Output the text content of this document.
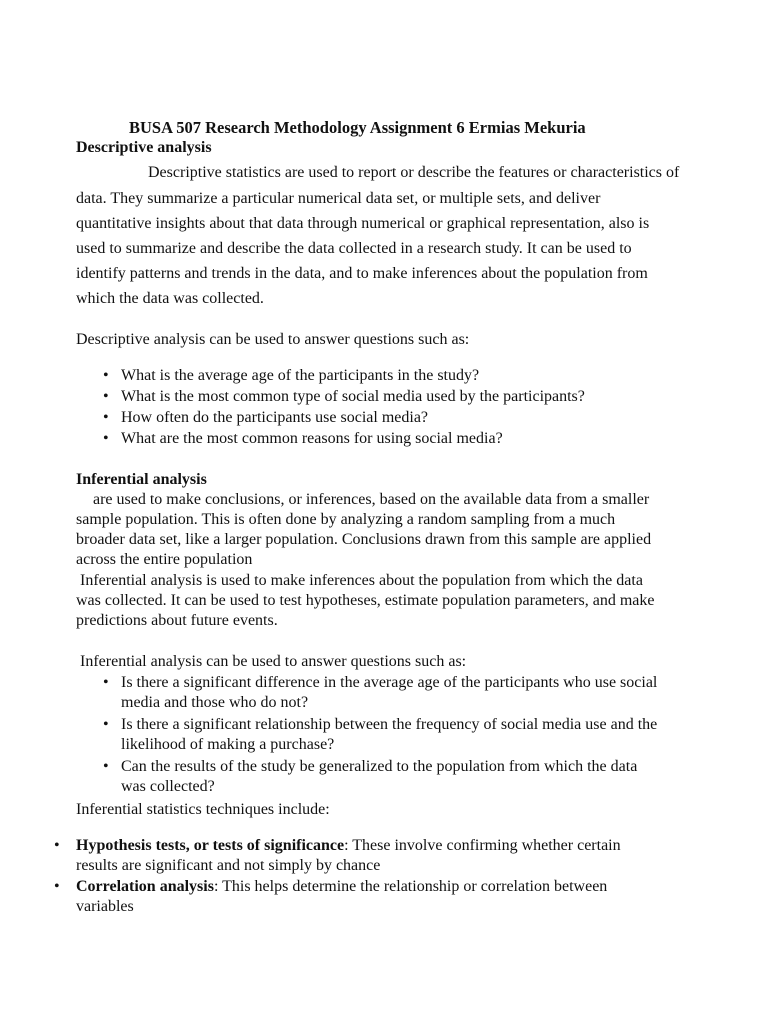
BUSA 507 Research Methodology Assignment 6 Ermias Mekuria
Descriptive analysis
Descriptive statistics are used to report or describe the features or characteristics of
data. They summarize a particular numerical data set, or multiple sets, and deliver
quantitative insights about that data through numerical or graphical representation, also is
used to summarize and describe the data collected in a research study. It can be used to
identify patterns and trends in the data, and to make inferences about the population from
which the data was collected.
Descriptive analysis can be used to answer questions such as:
• What is the average age of the participants in the study?
• What is the most common type of social media used by the participants?
• How often do the participants use social media?
• What are the most common reasons for using social media?
Inferential analysis
are used to make conclusions, or inferences, based on the available data from a smaller
sample population. This is often done by analyzing a random sampling from a much
broader data set, like a larger population. Conclusions drawn from this sample are applied
across the entire population
Inferential analysis is used to make inferences about the population from which the data
was collected. It can be used to test hypotheses, estimate population parameters, and make
predictions about future events.
Inferential analysis can be used to answer questions such as:
• Is there a significant difference in the average age of the participants who use social
media and those who do not?
• Is there a significant relationship between the frequency of social media use and the
likelihood of making a purchase?
• Can the results of the study be generalized to the population from which the data
was collected?
Inferential statistics techniques include:
• Hypothesis tests, or tests of significance: These involve confirming whether certain
results are significant and not simply by chance
• Correlation analysis: This helps determine the relationship or correlation between
variables
